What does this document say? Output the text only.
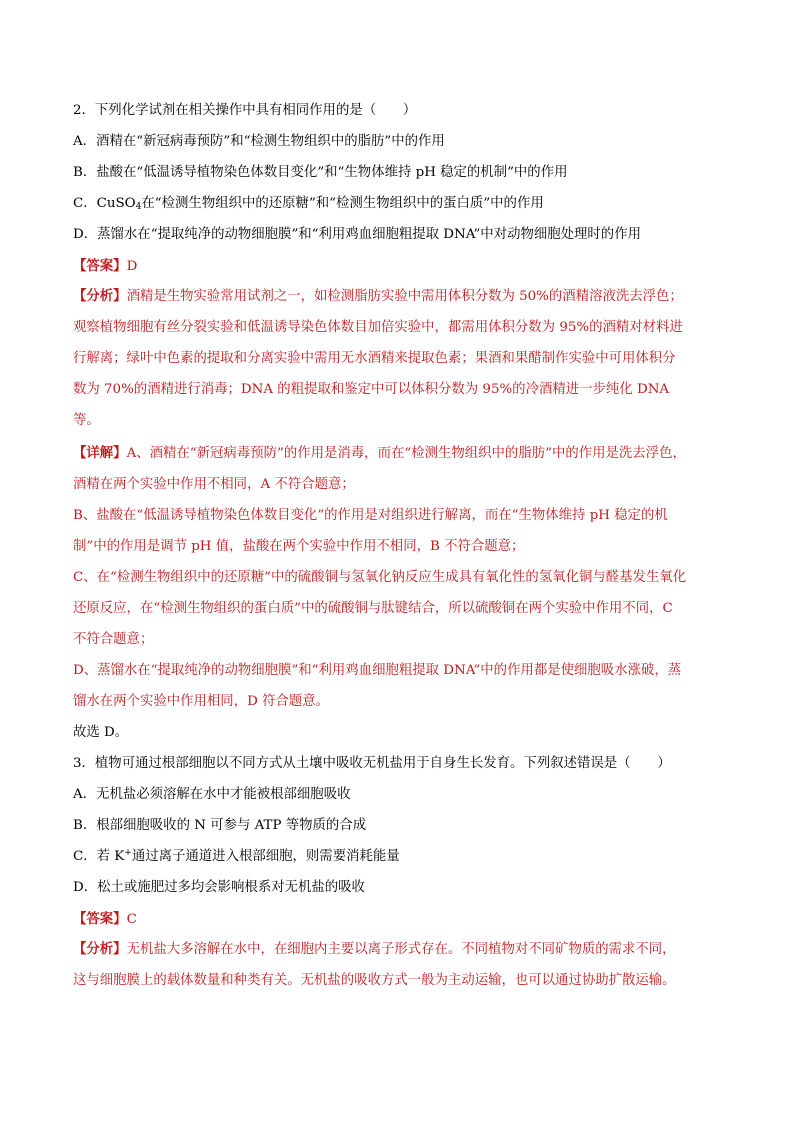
2．下列化学试剂在相关操作中具有相同作用的是（　　）
A．酒精在“新冠病毒预防”和“检测生物组织中的脂肪”中的作用
B．盐酸在“低温诱导植物染色体数目变化”和“生物体维持 pH 稳定的机制”中的作用
C．CuSO$_4$在“检测生物组织中的还原糖”和“检测生物组织中的蛋白质”中的作用
D．蒸馏水在“提取纯净的动物细胞膜”和“利用鸡血细胞粗提取 DNA”中对动物细胞处理时的作用
【答案】D
【分析】酒精是生物实验常用试剂之一，如检测脂肪实验中需用体积分数为 50%的酒精溶液洗去浮色；观察植物细胞有丝分裂实验和低温诱导染色体数目加倍实验中，都需用体积分数为 95%的酒精对材料进行解离；绿叶中色素的提取和分离实验中需用无水酒精来提取色素；果酒和果醋制作实验中可用体积分数为 70%的酒精进行消毒；DNA 的粗提取和鉴定中可以体积分数为 95%的冷酒精进一步纯化 DNA 等。
【详解】A、酒精在“新冠病毒预防”的作用是消毒，而在“检测生物组织中的脂肪”中的作用是洗去浮色，酒精在两个实验中作用不相同，A 不符合题意；
B、盐酸在“低温诱导植物染色体数目变化”的作用是对组织进行解离，而在“生物体维持 pH 稳定的机制”中的作用是调节 pH 值，盐酸在两个实验中作用不相同，B 不符合题意；
C、在“检测生物组织中的还原糖”中的硫酸铜与氢氧化钠反应生成具有氧化性的氢氧化铜与醛基发生氧化还原反应，在“检测生物组织的蛋白质”中的硫酸铜与肽键结合，所以硫酸铜在两个实验中作用不同，C 不符合题意；
D、蒸馏水在“提取纯净的动物细胞膜”和“利用鸡血细胞粗提取 DNA”中的作用都是使细胞吸水涨破，蒸馏水在两个实验中作用相同，D 符合题意。
故选 D。
3．植物可通过根部细胞以不同方式从土壤中吸收无机盐用于自身生长发育。下列叙述错误是（　　）
A．无机盐必须溶解在水中才能被根部细胞吸收
B．根部细胞吸收的 N 可参与 ATP 等物质的合成
C．若 K+通过离子通道进入根部细胞，则需要消耗能量
D．松土或施肥过多均会影响根系对无机盐的吸收
【答案】C
【分析】无机盐大多溶解在水中，在细胞内主要以离子形式存在。不同植物对不同矿物质的需求不同，这与细胞膜上的载体数量和种类有关。无机盐的吸收方式一般为主动运输，也可以通过协助扩散运输。
